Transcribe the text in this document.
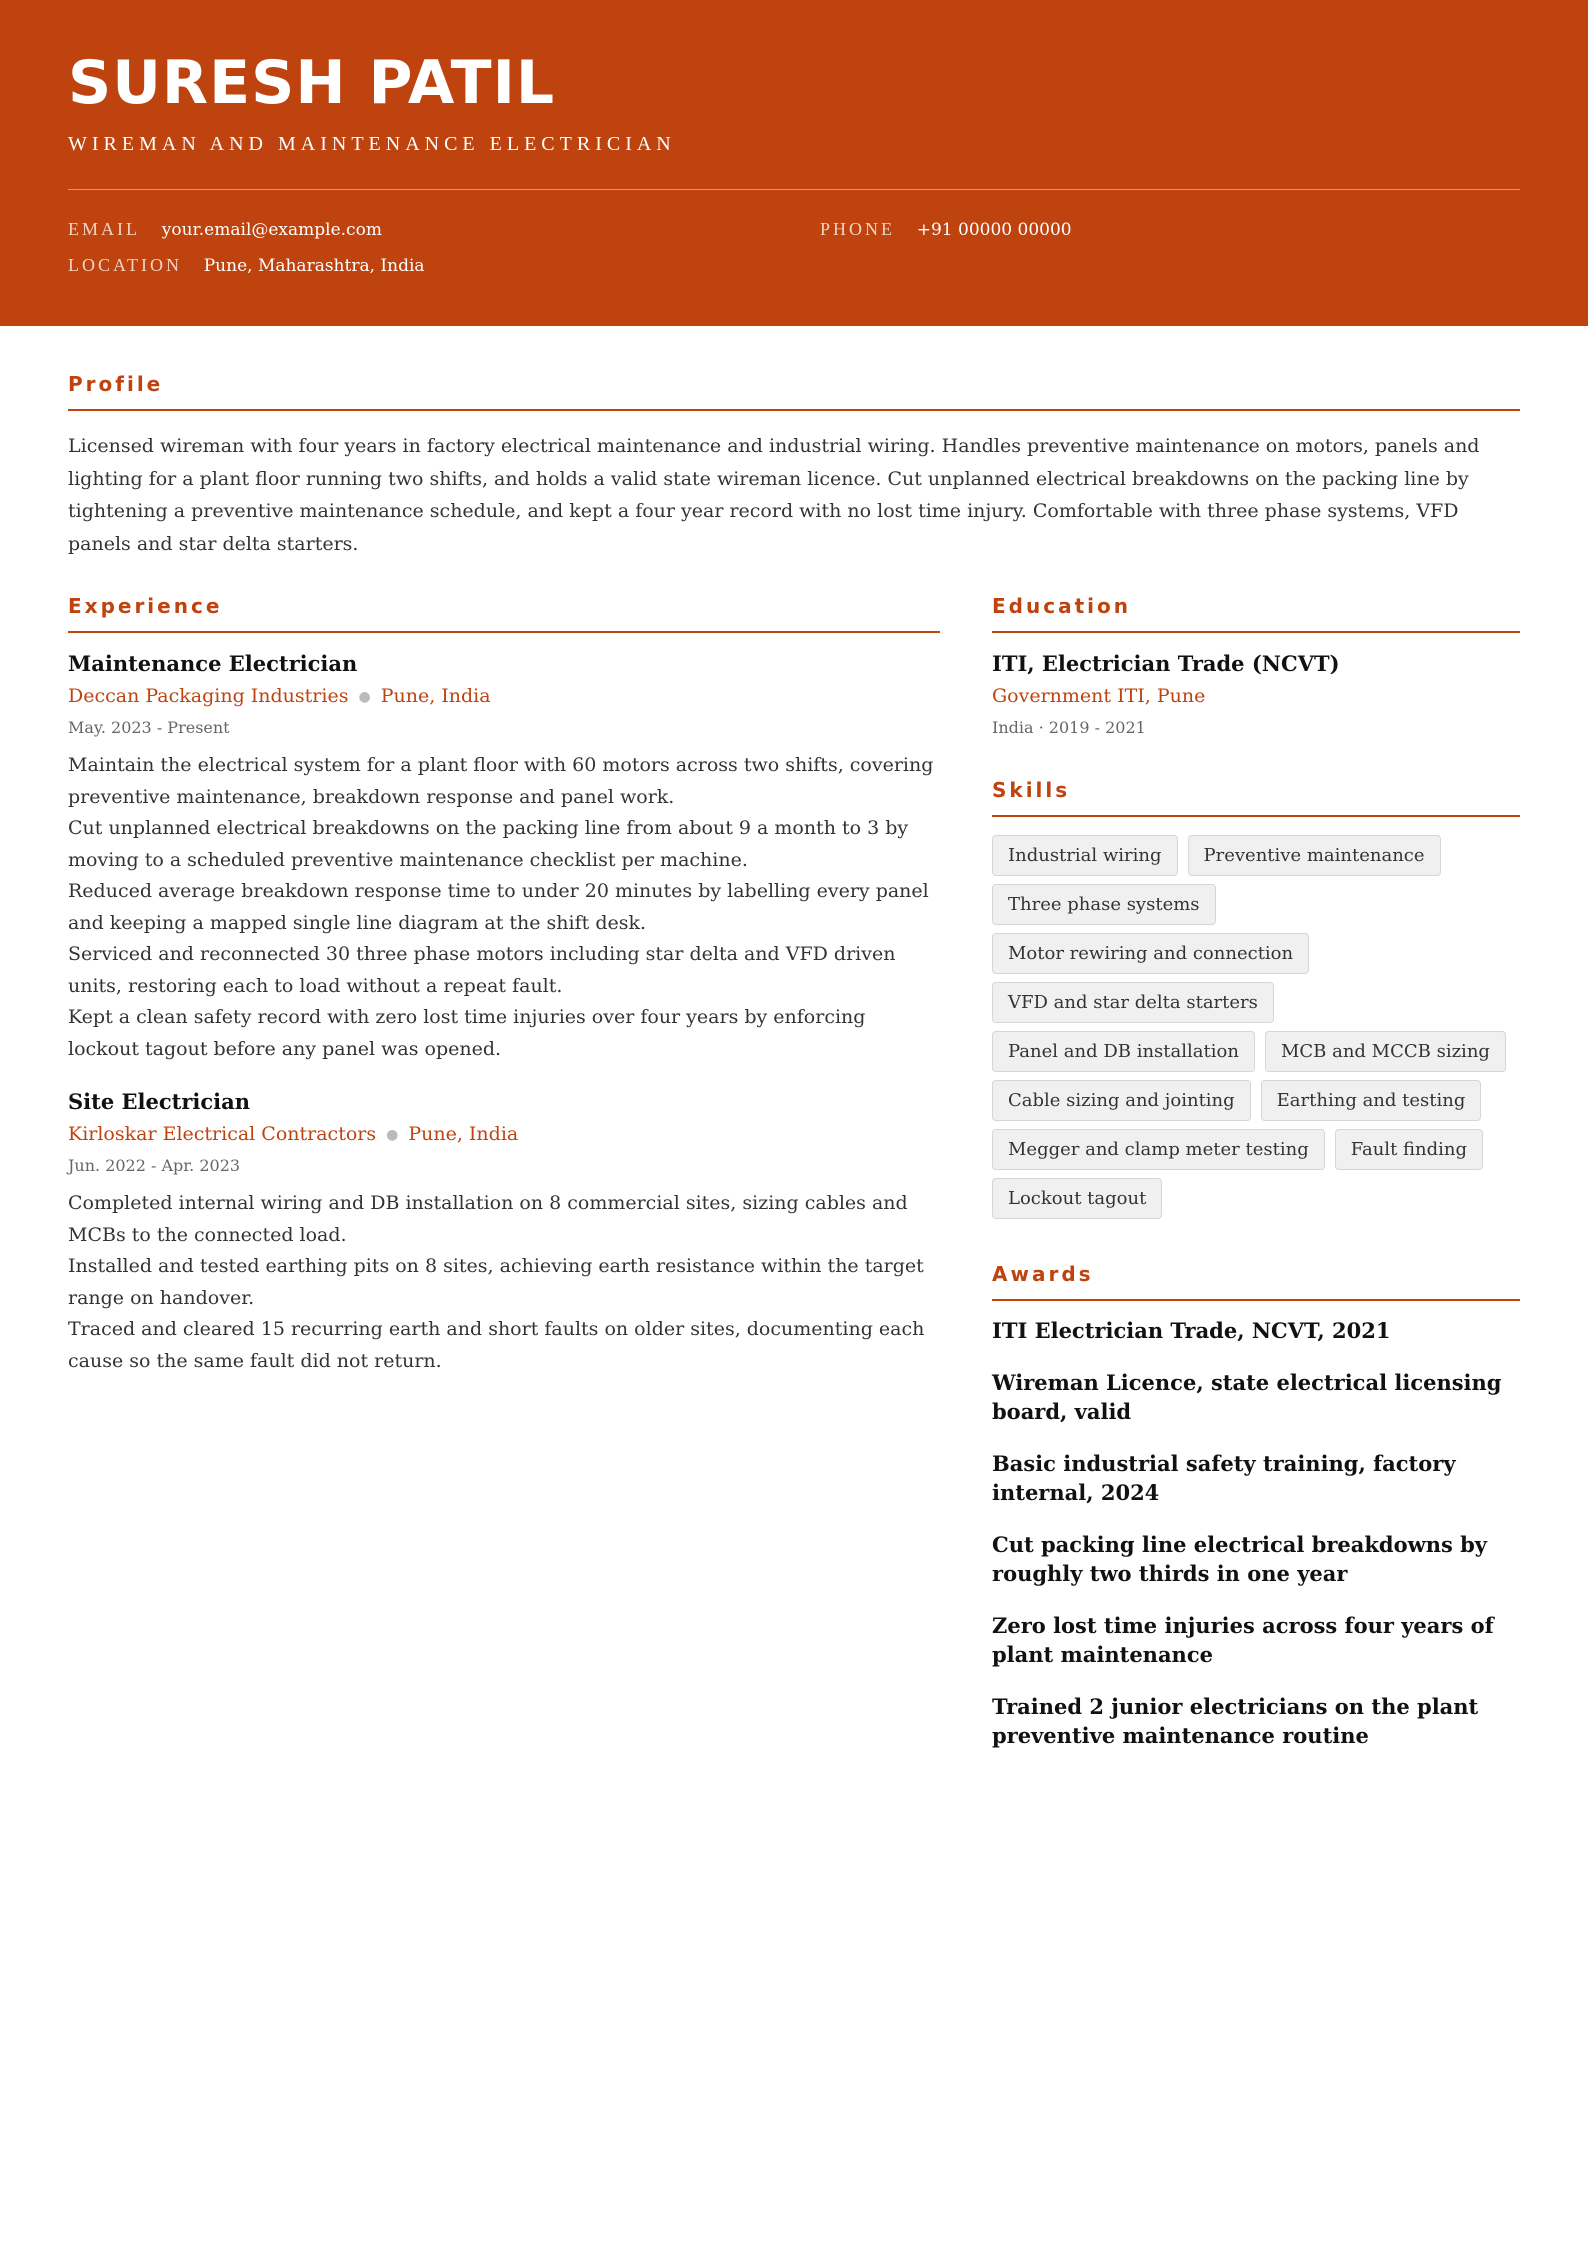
SURESH PATIL
WIREMAN AND MAINTENANCE ELECTRICIAN
EMAIL your.email@example.com	PHONE +91 00000 00000
LOCATION Pune, Maharashtra, India
Profile
Licensed wireman with four years in factory electrical maintenance and industrial wiring. Handles preventive maintenance on motors, panels and lighting for a plant floor running two shifts, and holds a valid state wireman licence. Cut unplanned electrical breakdowns on the packing line by tightening a preventive maintenance schedule, and kept a four year record with no lost time injury. Comfortable with three phase systems, VFD panels and star delta starters.
Experience
Maintenance Electrician
Deccan Packaging Industries ● Pune, India
May. 2023 - Present

Maintain the electrical system for a plant floor with 60 motors across two shifts, covering preventive maintenance, breakdown response and panel work.

Cut unplanned electrical breakdowns on the packing line from about 9 a month to 3 by moving to a scheduled preventive maintenance checklist per machine.

Reduced average breakdown response time to under 20 minutes by labelling every panel and keeping a mapped single line diagram at the shift desk.

Serviced and reconnected 30 three phase motors including star delta and VFD driven units, restoring each to load without a repeat fault.

Kept a clean safety record with zero lost time injuries over four years by enforcing lockout tagout before any panel was opened.

Site Electrician
Kirloskar Electrical Contractors ● Pune, India
Jun. 2022 - Apr. 2023

Completed internal wiring and DB installation on 8 commercial sites, sizing cables and MCBs to the connected load.

Installed and tested earthing pits on 8 sites, achieving earth resistance within the target range on handover.

Traced and cleared 15 recurring earth and short faults on older sites, documenting each cause so the same fault did not return.

Education
ITI, Electrician Trade (NCVT)
Government ITI, Pune
India · 2019 - 2021
Skills
Industrial wiring	Preventive maintenance
Three phase systems
Motor rewiring and connection
VFD and star delta starters
Panel and DB installation	MCB and MCCB sizing
Cable sizing and jointing	Earthing and testing
Megger and clamp meter testing	Fault finding
Lockout tagout
Awards
ITI Electrician Trade, NCVT, 2021
Wireman Licence, state electrical licensing board, valid
Basic industrial safety training, factory internal, 2024
Cut packing line electrical breakdowns by roughly two thirds in one year
Zero lost time injuries across four years of plant maintenance
Trained 2 junior electricians on the plant preventive maintenance routine
